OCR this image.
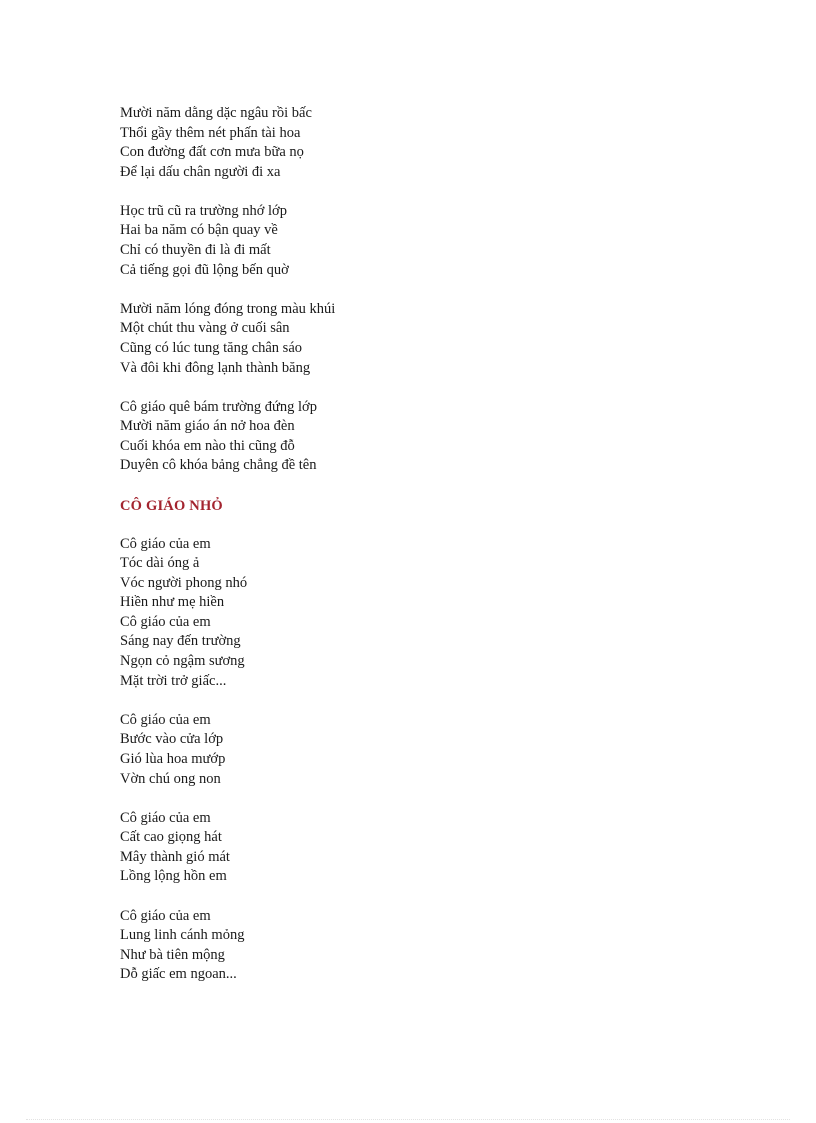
Mười năm dằng dặc ngâu rồi bấc
Thổi gầy thêm nét phấn tài hoa
Con đường đất cơn mưa bữa nọ
Để lại dấu chân người đi xa
Học trũ cũ ra trường nhớ lớp
Hai ba năm có bận quay về
Chỉ có thuyền đi là đi mất
Cả tiếng gọi đũ lộng bến quờ
Mười năm lóng đóng trong màu khúi
Một chút thu vàng ở cuối sân
Cũng có lúc tung tăng chân sáo
Và đôi khi đông lạnh thành băng
Cô giáo quê bám trường đứng lớp
Mười năm giáo án nở hoa đèn
Cuối khóa em nào thi cũng đỗ
Duyên cô khóa bảng chẳng đề tên
CÔ GIÁO NHỎ
Cô giáo của em
Tóc dài óng ả
Vóc người phong nhó
Hiền như mẹ hiền
Cô giáo của em
Sáng nay đến trường
Ngọn cỏ ngậm sương
Mặt trời trở giấc...
Cô giáo của em
Bước vào cửa lớp
Gió lùa hoa mướp
Vờn chú ong non
Cô giáo của em
Cất cao giọng hát
Mây thành gió mát
Lồng lộng hồn em
Cô giáo của em
Lung linh cánh mỏng
Như bà tiên mộng
Dỗ giấc em ngoan...
